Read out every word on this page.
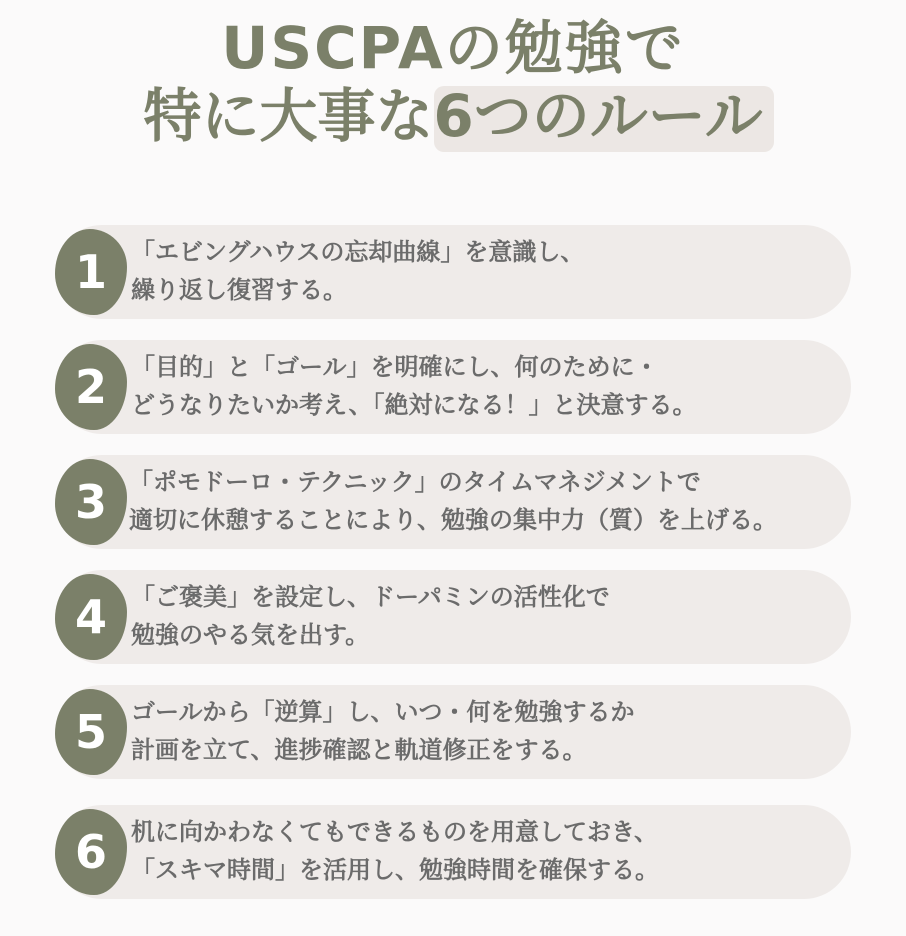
USCPAの勉強で
特に大事な6つのルール
1	「エビングハウスの忘却曲線」を意識し、
繰り返し復習する。
2	「目的」と「ゴール」を明確にし、何のために・
どうなりたいか考え、「絶対になる！」と決意する。
3 「ポモドーロ・テクニック」のタイムマネジメントで
適切に休憩することにより、勉強の集中力（質）を上げる。
4	「ご褒美」を設定し、ドーパミンの活性化で
勉強のやる気を出す。
5	ゴールから「逆算」し、いつ・何を勉強するか
計画を立て、進捗確認と軌道修正をする。
6	机に向かわなくてもできるものを用意しておき、
「スキマ時間」を活用し、勉強時間を確保する。
